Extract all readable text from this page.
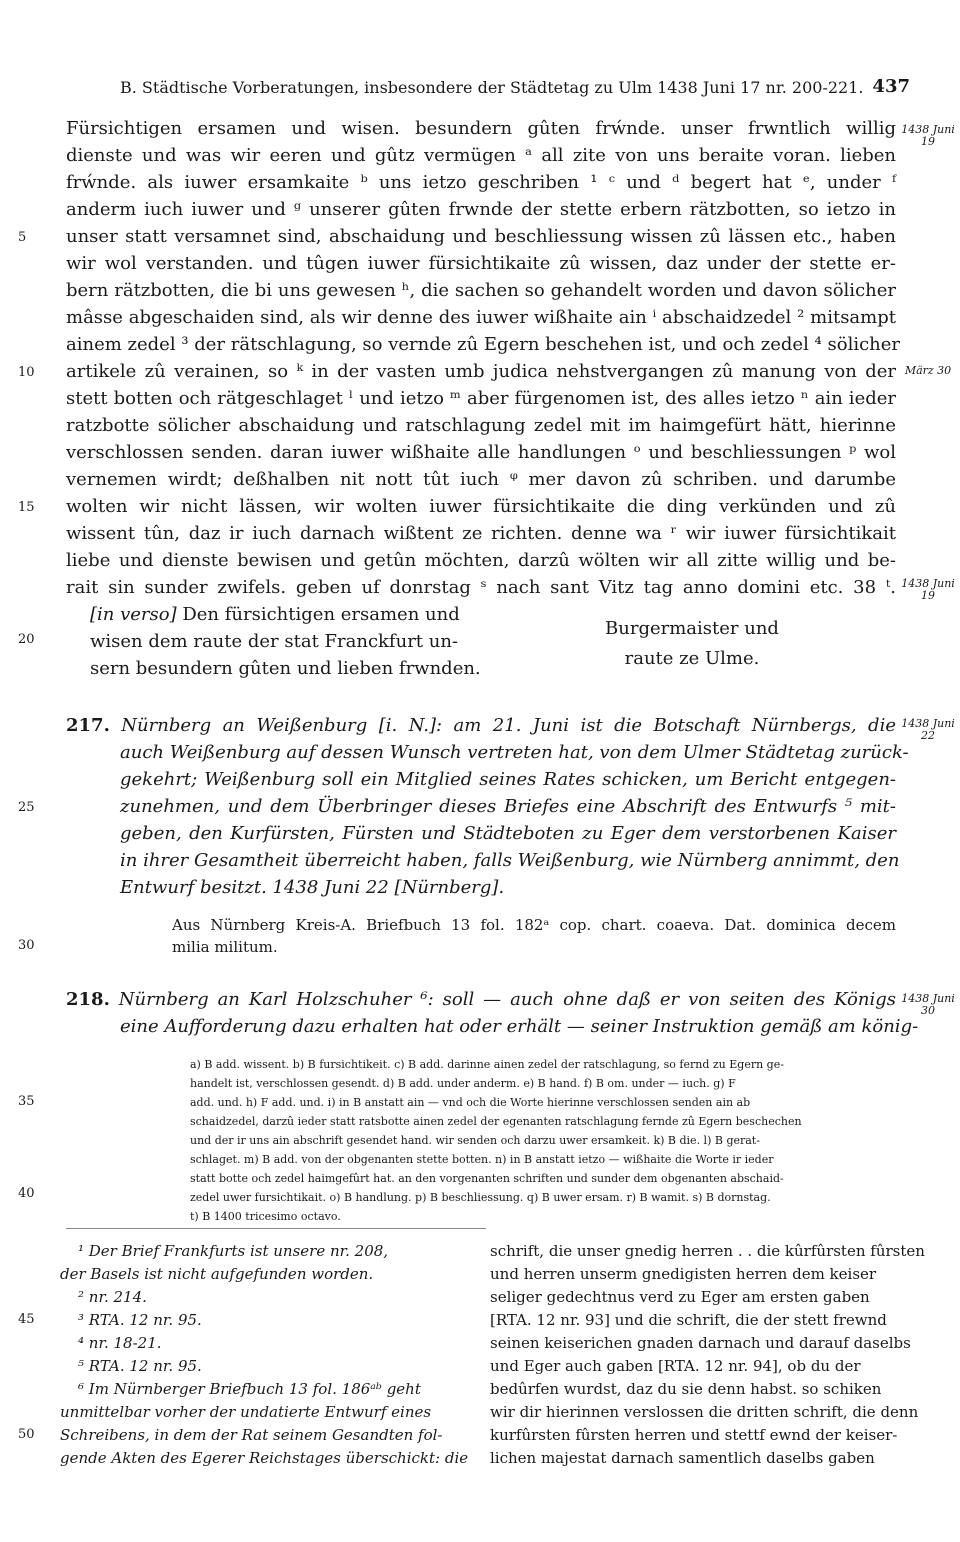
B. Städtische Vorberatungen, insbesondere der Städtetag zu Ulm 1438 Juni 17 nr. 200-221. 437
Fürsichtigen ersamen und wisen. besundern gûten frẃnde. unser frwntlich willig
dienste und was wir eeren und gûtz vermügen ᵃ all zite von uns beraite voran. lieben
frẃnde. als iuwer ersamkaite ᵇ uns ietzo geschriben ¹ ᶜ und ᵈ begert hat ᵉ, under ᶠ
anderm iuch iuwer und ᵍ unserer gûten frwnde der stette erbern rätzbotten, so ietzo in
unser statt versamnet sind, abschaidung und beschliessung wissen zû lässen etc., haben
wir wol verstanden. und tûgen iuwer fürsichtikaite zû wissen, daz under der stette er-
bern rätzbotten, die bi uns gewesen ʰ, die sachen so gehandelt worden und davon sölicher
mâsse abgeschaiden sind, als wir denne des iuwer wißhaite ain ⁱ abschaidzedel ² mitsampt
ainem zedel ³ der rätschlagung, so vernde zû Egern beschehen ist, und och zedel ⁴ sölicher
artikele zû verainen, so ᵏ in der vasten umb judica nehstvergangen zû manung von der
stett botten och rätgeschlaget ˡ und ietzo ᵐ aber fürgenomen ist, des alles ietzo ⁿ ain ieder
ratzbotte sölicher abschaidung und ratschlagung zedel mit im haimgefürt hätt, hierinne
verschlossen senden. daran iuwer wißhaite alle handlungen ᵒ und beschliessungen ᵖ wol
vernemen wirdt; deßhalben nit nott tût iuch ᵠ mer davon zû schriben. und darumbe
wolten wir nicht lässen, wir wolten iuwer fürsichtikaite die ding verkünden und zû
wissent tûn, daz ir iuch darnach wißtent ze richten. denne wa ʳ wir iuwer fürsichtikait
liebe und dienste bewisen und getûn möchten, darzû wölten wir all zitte willig und be-
rait sin sunder zwifels. geben uf donrstag ˢ nach sant Vitz tag anno domini etc. 38 ᵗ.
[in verso] Den fürsichtigen ersamen und
wisen dem raute der stat Franckfurt un-
sern besundern gûten und lieben frwnden.
Burgermaister und
raute ze Ulme.
217. Nürnberg an Weißenburg [i. N.]: am 21. Juni ist die Botschaft Nürnbergs, die
auch Weißenburg auf dessen Wunsch vertreten hat, von dem Ulmer Städtetag zurück-
gekehrt; Weißenburg soll ein Mitglied seines Rates schicken, um Bericht entgegen-
zunehmen, und dem Überbringer dieses Briefes eine Abschrift des Entwurfs ⁵ mit-
geben, den Kurfürsten, Fürsten und Städteboten zu Eger dem verstorbenen Kaiser
in ihrer Gesamtheit überreicht haben, falls Weißenburg, wie Nürnberg annimmt, den
Entwurf besitzt. 1438 Juni 22 [Nürnberg].
Aus Nürnberg Kreis-A. Briefbuch 13 fol. 182ᵃ cop. chart. coaeva. Dat. dominica decem
milia militum.
218. Nürnberg an Karl Holzschuher ⁶: soll — auch ohne daß er von seiten des Königs
eine Aufforderung dazu erhalten hat oder erhält — seiner Instruktion gemäß am könig-
a) B add. wissent. b) B fursichtikeit. c) B add. darinne ainen zedel der ratschlagung, so fernd zu Egern ge-
handelt ist, verschlossen gesendt. d) B add. under anderm. e) B hand. f) B om. under — iuch. g) F
add. und. h) F add. und. i) in B anstatt ain — vnd och die Worte hierinne verschlossen senden ain ab
schaidzedel, darzû ieder statt ratsbotte ainen zedel der egenanten ratschlagung fernde zû Egern beschechen
und der ir uns ain abschrift gesendet hand. wir senden och darzu uwer ersamkeit. k) B die. l) B gerat-
schlaget. m) B add. von der obgenanten stette botten. n) in B anstatt ietzo — wißhaite die Worte ir ieder
statt botte och zedel haimgefûrt hat. an den vorgenanten schriften und sunder dem obgenanten abschaid-
zedel uwer fursichtikait. o) B handlung. p) B beschliessung. q) B uwer ersam. r) B wamit. s) B dornstag.
t) B 1400 tricesimo octavo.
¹ Der Brief Frankfurts ist unsere nr. 208,
der Basels ist nicht aufgefunden worden.
² nr. 214.
³ RTA. 12 nr. 95.
⁴ nr. 18-21.
⁵ RTA. 12 nr. 95.
⁶ Im Nürnberger Briefbuch 13 fol. 186ᵃᵇ geht
unmittelbar vorher der undatierte Entwurf eines
Schreibens, in dem der Rat seinem Gesandten fol-
gende Akten des Egerer Reichstages überschickt: die
schrift, die unser gnedig herren . . die kûrfûrsten fûrsten
und herren unserm gnedigisten herren dem keiser
seliger gedechtnus verd zu Eger am ersten gaben
[RTA. 12 nr. 93] und die schrift, die der stett frewnd
seinen keiserichen gnaden darnach und darauf daselbs
und Eger auch gaben [RTA. 12 nr. 94], ob du der
bedûrfen wurdst, daz du sie denn habst. so schiken
wir dir hierinnen verslossen die dritten schrift, die denn
kurfûrsten fûrsten herren und stettf ewnd der keiser-
lichen majestat darnach samentlich daselbs gaben
5
10
15
20
25
30
35
40
45
50
1438 Juni 19
März 30
1438 Juni 19
1438 Juni 22
1438 Juni 30
